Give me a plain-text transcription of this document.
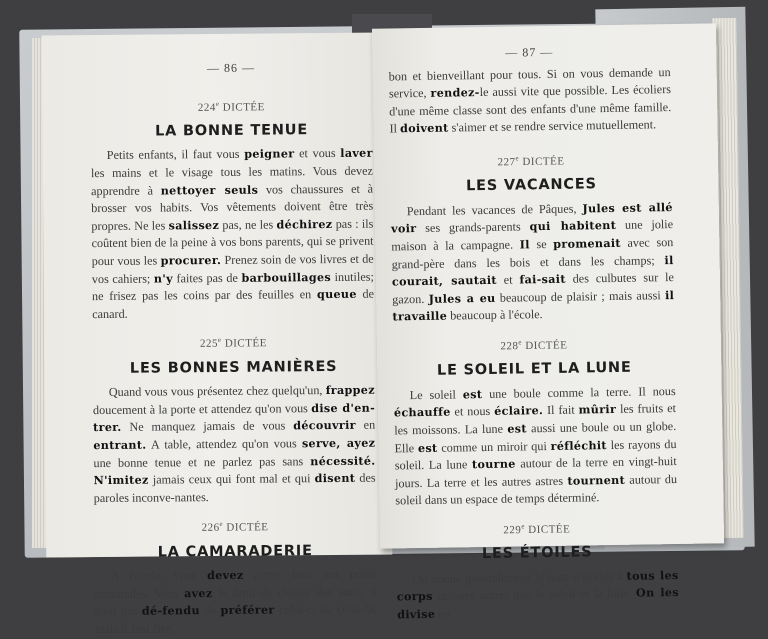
— 86 —
224e DICTÉE
LA BONNE TENUE
Petits enfants, il faut vous peigner et vous laver les mains et le visage tous les matins. Vous devez apprendre à nettoyer seuls vos chaussures et à brosser vos habits. Vos vêtements doivent être très propres. Ne les salissez pas, ne les déchirez pas : ils coûtent bien de la peine à vos bons parents, qui se privent pour vous les procurer. Prenez soin de vos livres et de vos cahiers; n'y faites pas de barbouillages inutiles; ne frisez pas les coins par des feuilles en queue de canard.
225e DICTÉE
LES BONNES MANIÈRES
Quand vous vous présentez chez quelqu'un, frappez doucement à la porte et attendez qu'on vous dise d'en-trer. Ne manquez jamais de vous découvrir en entrant. A table, attendez qu'on vous serve, ayez une bonne tenue et ne parlez pas sans nécessité. N'imitez jamais ceux qui font mal et qui disent des paroles inconve-nantes.
226e DICTÉE
LA CAMARADERIE
A l'école, vous devez aimer tous vos petits camarades. Vous avez le droit de choisir des amis, il n'est pas dé-fendu de préférer celui-ci ou celui-là; mais il faut être
— 87 —
bon et bienveillant pour tous. Si on vous demande un service, rendez-le aussi vite que possible. Les écoliers d'une même classe sont des enfants d'une même famille. Il doivent s'aimer et se rendre service mutuellement.
227e DICTÉE
LES VACANCES
Pendant les vacances de Pâques, Jules est allé voir ses grands-parents qui habitent une jolie maison à la campagne. Il se promenait avec son grand-père dans les bois et dans les champs; il courait, sautait et fai-sait des culbutes sur le gazon. Jules a eu beaucoup de plaisir ; mais aussi il travaille beaucoup à l'école.
228e DICTÉE
LE SOLEIL ET LA LUNE
Le soleil est une boule comme la terre. Il nous échauffe et nous éclaire. Il fait mûrir les fruits et les moissons. La lune est aussi une boule ou un globe. Elle est comme un miroir qui réfléchit les rayons du soleil. La lune tourne autour de la terre en vingt-huit jours. La terre et les autres astres tournent autour du soleil dans un espace de temps déterminé.
229e DICTÉE
LES ÉTOILES
On donne généralement le nom d'étoiles à tous les corps célestes autres que le soleil et la lune. On les divise en
